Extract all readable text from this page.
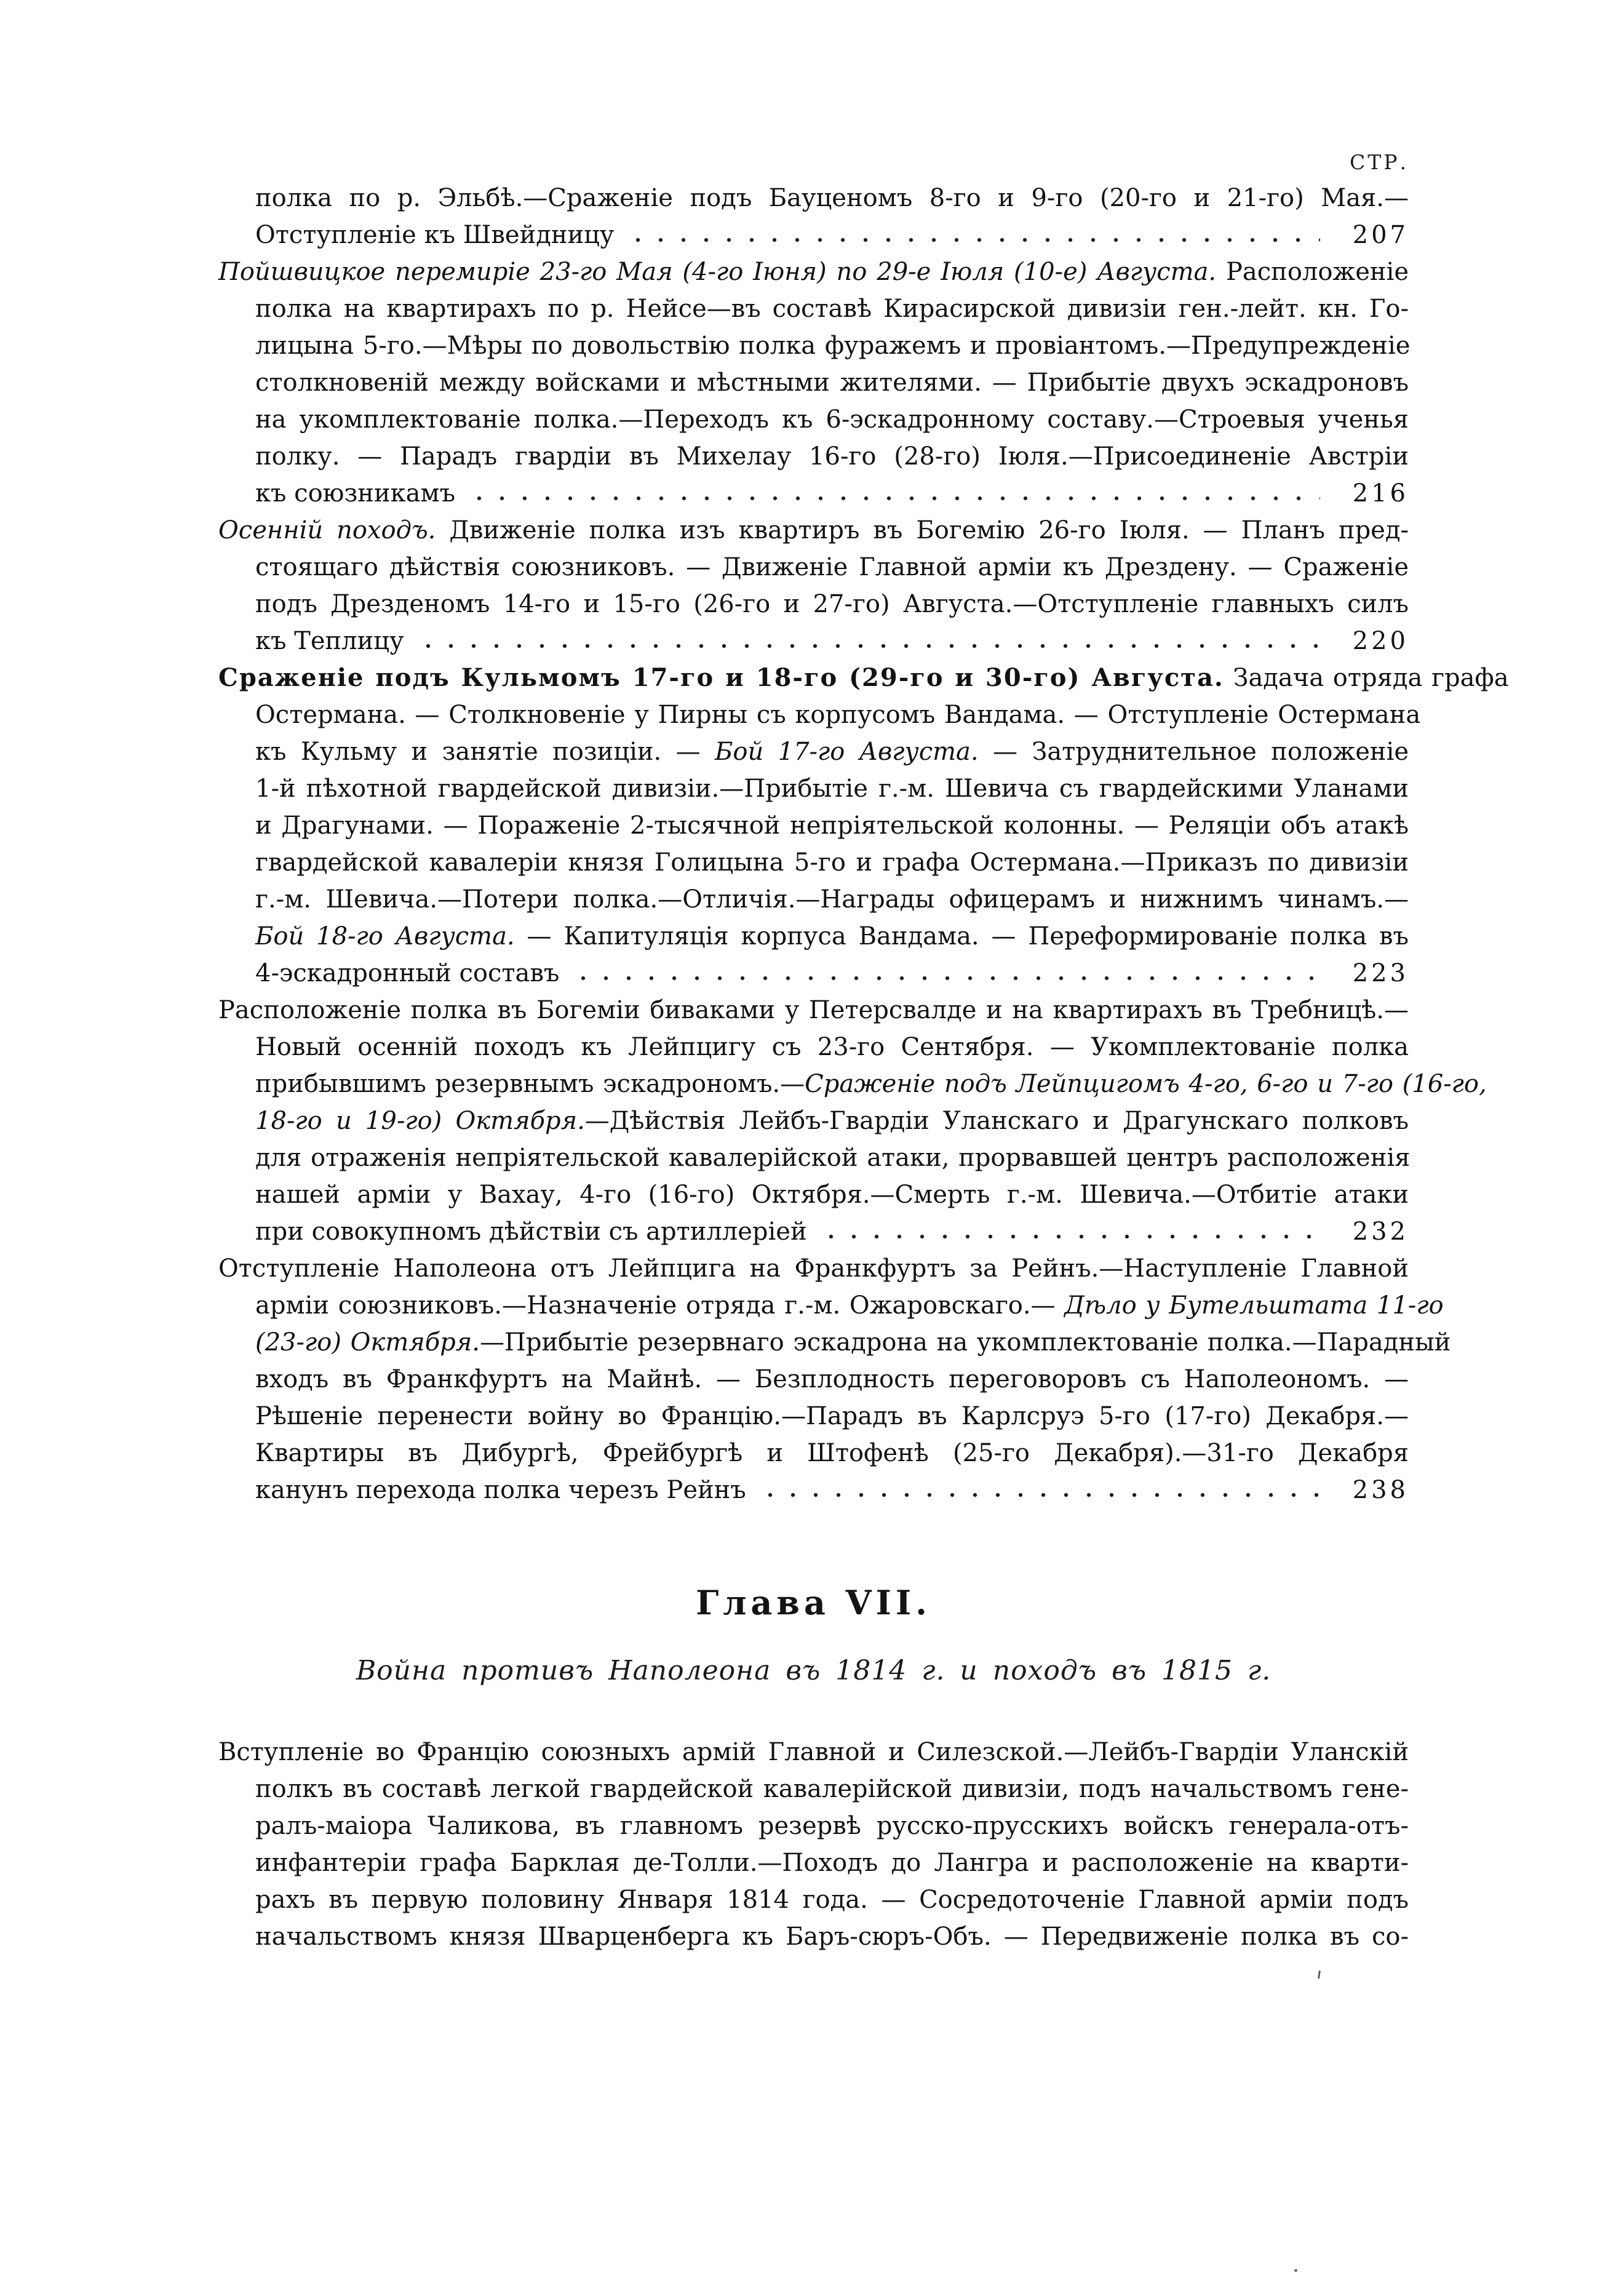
СТР.
полка по р. Эльбѣ.—Сраженіе подъ Бауценомъ 8-го и 9-го (20-го и 21-го) Мая.—
Отступленіе къ Швейдницу	207
Пойшвицкое перемиріе 23-го Мая (4-го Іюня) по 29-е Іюля (10-е) Августа. Расположеніе
полка на квартирахъ по р. Нейсе—въ составѣ Кирасирской дивизіи ген.-лейт. кн. Го-
лицына 5-го.—Мѣры по довольствію полка фуражемъ и провіантомъ.—Предупрежденіе
столкновеній между войсками и мѣстными жителями. — Прибытіе двухъ эскадроновъ
на укомплектованіе полка.—Переходъ къ 6-эскадронному составу.—Строевыя ученья
полку. — Парадъ гвардіи въ Михелау 16-го (28-го) Іюля.—Присоединеніе Австріи
къ союзникамъ	216
Осенній походъ. Движеніе полка изъ квартиръ въ Богемію 26-го Іюля. — Планъ пред-
стоящаго дѣйствія союзниковъ. — Движеніе Главной арміи къ Дрездену. — Сраженіе
подъ Дрезденомъ 14-го и 15-го (26-го и 27-го) Августа.—Отступленіе главныхъ силъ
къ Теплицу	220
Сраженіе подъ Кульмомъ 17-го и 18-го (29-го и 30-го) Августа. Задача отряда графа
Остермана. — Столкновеніе у Пирны съ корпусомъ Вандама. — Отступленіе Остермана
къ Кульму и занятіе позиціи. — Бой 17-го Августа. — Затруднительное положеніе
1-й пѣхотной гвардейской дивизіи.—Прибытіе г.-м. Шевича съ гвардейскими Уланами
и Драгунами. — Пораженіе 2-тысячной непріятельской колонны. — Реляціи объ атакѣ
гвардейской кавалеріи князя Голицына 5-го и графа Остермана.—Приказъ по дивизіи
г.-м. Шевича.—Потери полка.—Отличія.—Награды офицерамъ и нижнимъ чинамъ.—
Бой 18-го Августа. — Капитуляція корпуса Вандама. — Переформированіе полка въ
4-эскадронный составъ	223
Расположеніе полка въ Богеміи биваками у Петерсвалде и на квартирахъ въ Требницѣ.—
Новый осенній походъ къ Лейпцигу съ 23-го Сентября. — Укомплектованіе полка
прибывшимъ резервнымъ эскадрономъ.—Сраженіе подъ Лейпцигомъ 4-го, 6-го и 7-го (16-го,
18-го и 19-го) Октября.—Дѣйствія Лейбъ-Гвардіи Уланскаго и Драгунскаго полковъ
для отраженія непріятельской кавалерійской атаки, прорвавшей центръ расположенія
нашей арміи у Вахау, 4-го (16-го) Октября.—Смерть г.-м. Шевича.—Отбитіе атаки
при совокупномъ дѣйствіи съ артиллеріей	232
Отступленіе Наполеона отъ Лейпцига на Франкфуртъ за Рейнъ.—Наступленіе Главной
арміи союзниковъ.—Назначеніе отряда г.-м. Ожаровскаго.— Дѣло у Бутельштата 11-го
(23-го) Октября.—Прибытіе резервнаго эскадрона на укомплектованіе полка.—Парадный
входъ въ Франкфуртъ на Майнѣ. — Безплодность переговоровъ съ Наполеономъ. —
Рѣшеніе перенести войну во Францію.—Парадъ въ Карлсруэ 5-го (17-го) Декабря.—
Квартиры въ Дибургѣ, Фрейбургѣ и Штофенѣ (25-го Декабря).—31-го Декабря
канунъ перехода полка черезъ Рейнъ	238
Глава VII.
Война противъ Наполеона въ 1814 г. и походъ въ 1815 г.
Вступленіе во Францію союзныхъ армій Главной и Силезской.—Лейбъ-Гвардіи Уланскій
полкъ въ составѣ легкой гвардейской кавалерійской дивизіи, подъ начальствомъ гене-
ралъ-маіора Чаликова, въ главномъ резервѣ русско-прусскихъ войскъ генерала-отъ-
инфантеріи графа Барклая де-Толли.—Походъ до Лангра и расположеніе на кварти-
рахъ въ первую половину Января 1814 года. — Сосредоточеніе Главной арміи подъ
начальствомъ князя Шварценберга къ Баръ-сюръ-Объ. — Передвиженіе полка въ со-
